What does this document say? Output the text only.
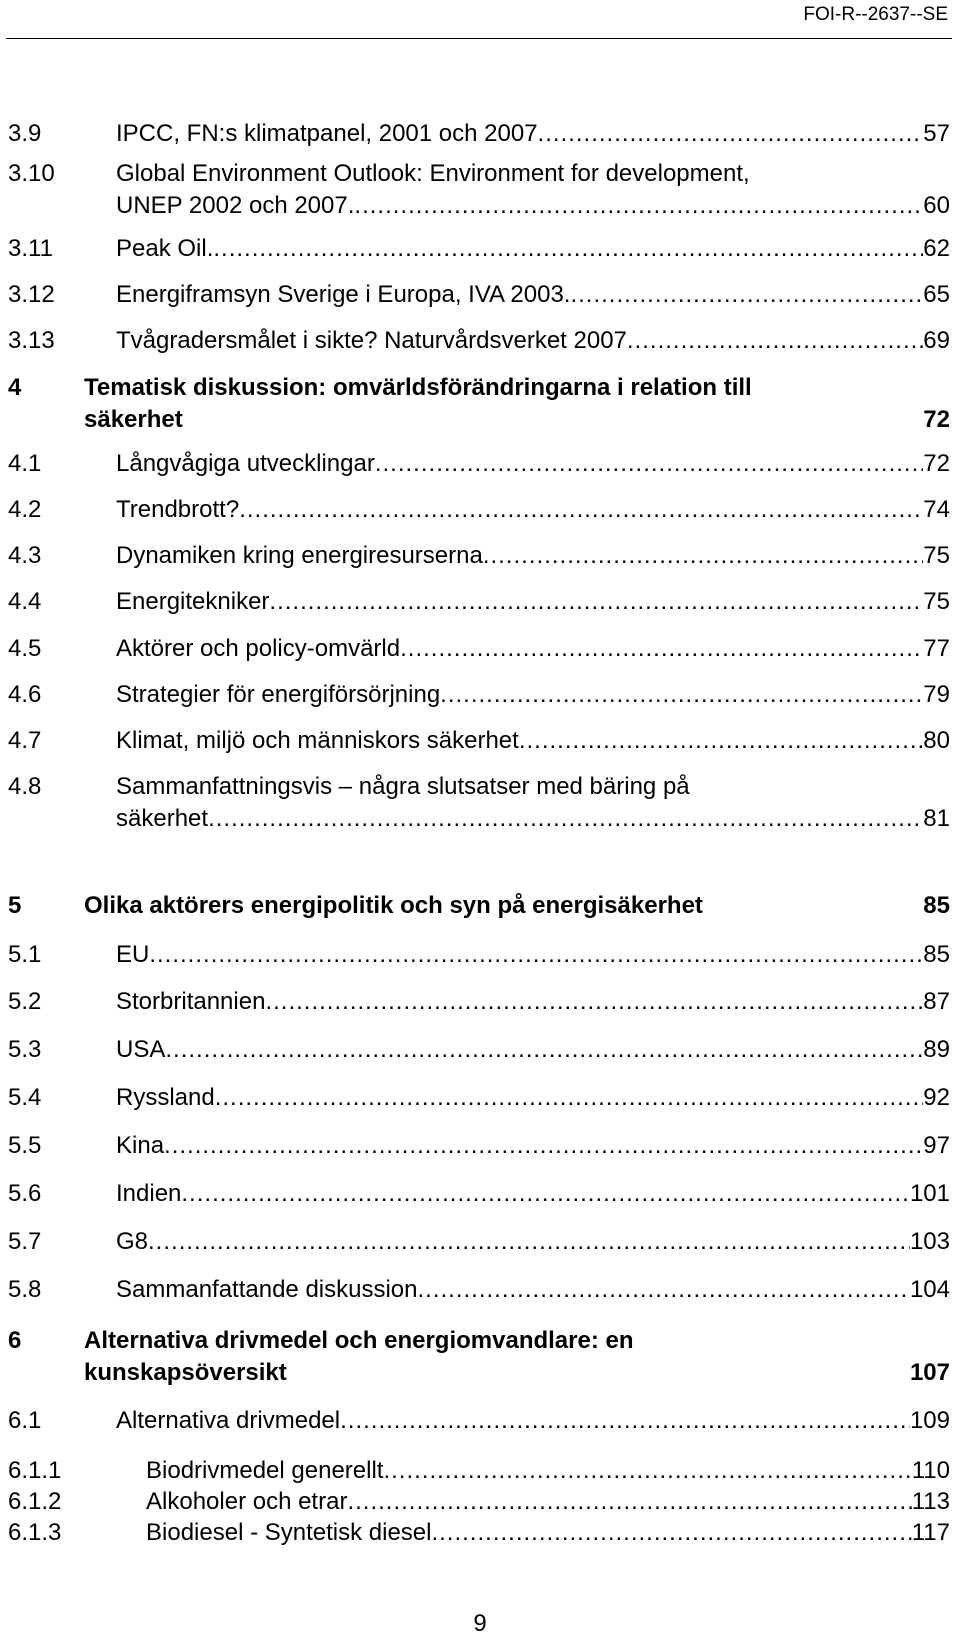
FOI-R--2637--SE

3.9	IPCC, FN:s klimatpanel, 2001 och 2007 .....	57
3.10	Global Environment Outlook: Environment for development,
UNEP 2002 och 2007. .....	60
3.11	Peak Oil. .....	62
3.12	Energiframsyn Sverige i Europa, IVA 2003. .....	65
3.13	Tvågradersmålet i sikte? Naturvårdsverket 2007 .....	69
4	Tematisk diskussion: omvärldsförändringarna i relation till
säkerhet	72
4.1	Långvågiga utvecklingar .....	72
4.2	Trendbrott? .....	74
4.3	Dynamiken kring energiresurserna .....	75
4.4	Energitekniker .....	75
4.5	Aktörer och policy-omvärld .....	77
4.6	Strategier för energiförsörjning .....	79
4.7	Klimat, miljö och människors säkerhet .....	80
4.8	Sammanfattningsvis – några slutsatser med bäring på
säkerhet .....	81
5	Olika aktörers energipolitik och syn på energisäkerhet	85
5.1	EU .....	85
5.2	Storbritannien .....	87
5.3	USA .....	89
5.4	Ryssland .....	92
5.5	Kina .....	97
5.6	Indien .....	101
5.7	G8 .....	103
5.8	Sammanfattande diskussion .....	104
6	Alternativa drivmedel och energiomvandlare: en
kunskapsöversikt	107
6.1	Alternativa drivmedel .....	109
6.1.1	Biodrivmedel generellt .....	110
6.1.2	Alkoholer och etrar .....	113
6.1.3	Biodiesel - Syntetisk diesel .....	117
9
